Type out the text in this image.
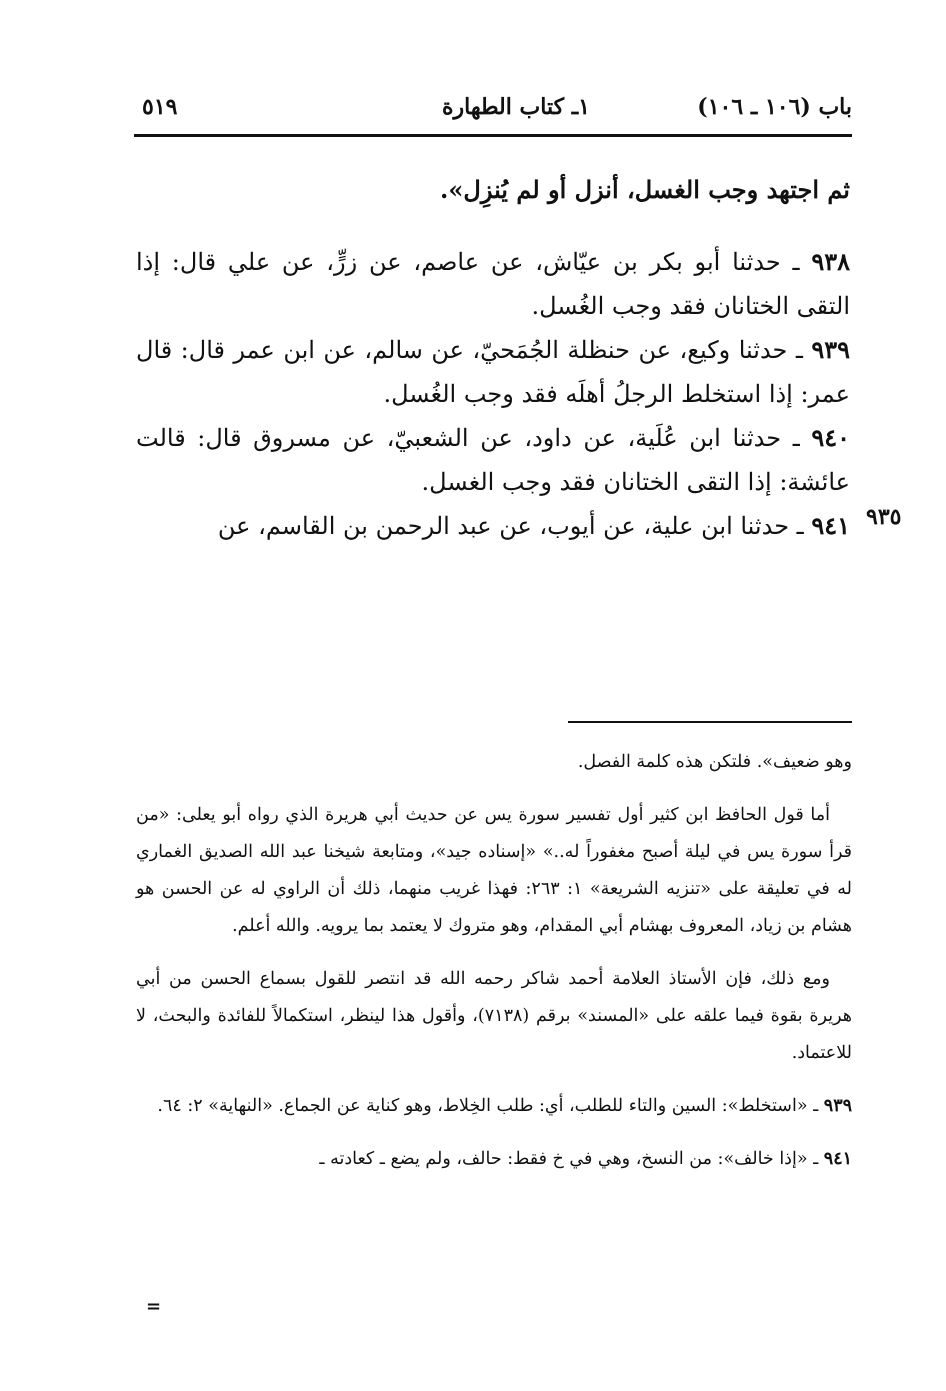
باب (١٠٦ ـ ١٠٦)
١ـ كتاب الطهارة
٥١٩
٩٣٥

ثم اجتهد وجب الغسل، أنزل أو لم يُنزِل».

٩٣٨ ـ حدثنا أبو بكر بن عيّاش، عن عاصم، عن زرٍّ، عن علي قال: إذا التقى الختانان فقد وجب الغُسل.

٩٣٩ ـ حدثنا وكيع، عن حنظلة الجُمَحيّ، عن سالم، عن ابن عمر قال: قال عمر: إذا استخلط الرجلُ أهلَه فقد وجب الغُسل.

٩٤٠ ـ حدثنا ابن عُلَية، عن داود، عن الشعبيّ، عن مسروق قال: قالت عائشة: إذا التقى الختانان فقد وجب الغسل.

٩٤١ ـ حدثنا ابن علية، عن أيوب، عن عبد الرحمن بن القاسم، عن

وهو ضعيف». فلتكن هذه كلمة الفصل.

أما قول الحافظ ابن كثير أول تفسير سورة يس عن حديث أبي هريرة الذي رواه أبو يعلى: «من قرأ سورة يس في ليلة أصبح مغفوراً له..» «إسناده جيد»، ومتابعة شيخنا عبد الله الصديق الغماري له في تعليقة على «تنزيه الشريعة» ١: ٢٦٣: فهذا غريب منهما، ذلك أن الراوي له عن الحسن هو هشام بن زياد، المعروف بهشام أبي المقدام، وهو متروك لا يعتمد بما يرويه. والله أعلم.

ومع ذلك، فإن الأستاذ العلامة أحمد شاكر رحمه الله قد انتصر للقول بسماع الحسن من أبي هريرة بقوة فيما علقه على «المسند» برقم (٧١٣٨)، وأقول هذا لينظر، استكمالاً للفائدة والبحث، لا للاعتماد.

٩٣٩ ـ «استخلط»: السين والتاء للطلب، أي: طلب الخِلاط، وهو كناية عن الجماع. «النهاية» ٢: ٦٤.

٩٤١ ـ «إذا خالف»: من النسخ، وهي في خ فقط: حالف، ولم يضع ـ كعادته ـ

=
